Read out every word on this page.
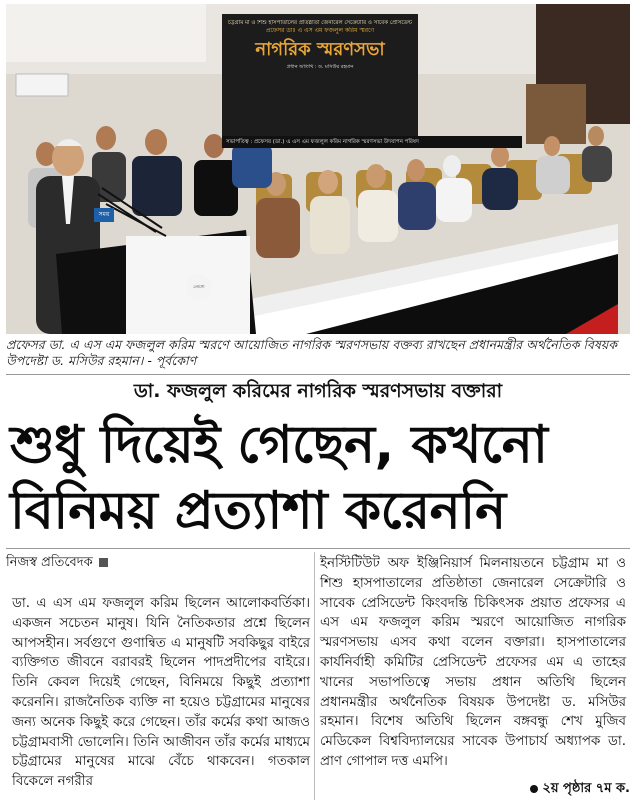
চট্টগ্রাম মা ও শিশু হাসপাতালের প্রতিষ্ঠাতা জেনারেল সেক্রেটারি ও সাবেক প্রেসিডেন্ট
প্রফেসর ডাঃ এ এস এম ফজলুল করিম স্মরণে
নাগরিক স্মরণসভা
প্রধান অতিথি : ড. মসিউর রহমান
সভাপতিত্ব : প্রফেসর (ডা.) এ এস এম ফজলুল করিম নাগরিক স্মরণসভা উদযাপন পরিষদ
সময়
লোগো
প্রফেসর ডা. এ এস এম ফজলুল করিম স্মরণে আয়োজিত নাগরিক স্মরণসভায় বক্তব্য রাখছেন প্রধানমন্ত্রীর অর্থনৈতিক বিষয়ক উপদেষ্টা ড. মসিউর রহমান। - পূর্বকোণ
ডা. ফজলুল করিমের নাগরিক স্মরণসভায় বক্তারা
শুধু দিয়েই গেছেন, কখনো
বিনিময় প্রত্যাশা করেননি
নিজস্ব প্রতিবেদক
ডা. এ এস এম ফজলুল করিম ছিলেন আলোকবর্তিকা। একজন সচেতন মানুষ। যিনি নৈতিকতার প্রশ্নে ছিলেন আপসহীন। সর্বগুণে গুণান্বিত এ মানুষটি সবকিছুর বাইরে ব্যক্তিগত জীবনে বরাবরই ছিলেন পাদপ্রদীপের বাইরে। তিনি কেবল দিয়েই গেছেন, বিনিময়ে কিছুই প্রত্যাশা করেননি। রাজনৈতিক ব্যক্তি না হয়েও চট্টগ্রামের মানুষের জন্য অনেক কিছুই করে গেছেন। তাঁর কর্মের কথা আজও চট্টগ্রামবাসী ভোলেনি। তিনি আজীবন তাঁর কর্মের মাধ্যমে চট্টগ্রামের মানুষের মাঝে বেঁচে থাকবেন। গতকাল বিকেলে নগরীর
ইনস্টিটিউট অফ ইঞ্জিনিয়ার্স মিলনায়তনে চট্টগ্রাম মা ও শিশু হাসপাতালের প্রতিষ্ঠাতা জেনারেল সেক্রেটারি ও সাবেক প্রেসিডেন্ট কিংবদন্তি চিকিৎসক প্রয়াত প্রফেসর এ এস এম ফজলুল করিম স্মরণে আয়োজিত নাগরিক স্মরণসভায় এসব কথা বলেন বক্তারা। হাসপাতালের কার্যনির্বাহী কমিটির প্রেসিডেন্ট প্রফেসর এম এ তাহের খানের সভাপতিত্বে সভায় প্রধান অতিথি ছিলেন প্রধানমন্ত্রীর অর্থনৈতিক বিষয়ক উপদেষ্টা ড. মসিউর রহমান। বিশেষ অতিথি ছিলেন বঙ্গবন্ধু শেখ মুজিব মেডিকেল বিশ্ববিদ্যালয়ের সাবেক উপাচার্য অধ্যাপক ডা. প্রাণ গোপাল দত্ত এমপি।
২য় পৃষ্ঠার ৭ম ক.
